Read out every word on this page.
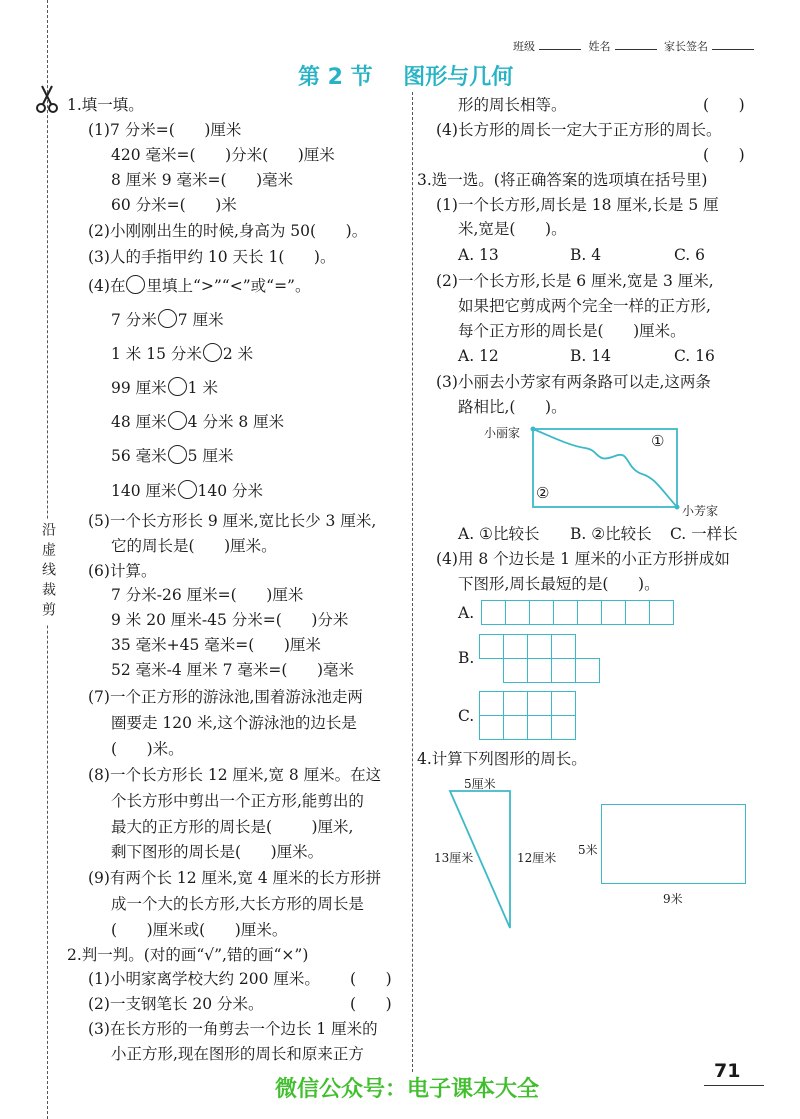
沿虚线裁剪
班级	姓名	家长签名
第 2 节    图形与几何
1.填一填。
(1)7 分米=(      )厘米
420 毫米=(      )分米(      )厘米
8 厘米 9 毫米=(      )毫米
60 分米=(      )米
(2)小刚刚出生的时候,身高为 50(      )。
(3)人的手指甲约 10 天长 1(      )。
(4)在 里填上“>”“<”或“=”。
7 分米 7 厘米
1 米 15 分米 2 米
99 厘米 1 米
48 厘米 4 分米 8 厘米
56 毫米 5 厘米
140 厘米 140 分米
(5)一个长方形长 9 厘米,宽比长少 3 厘米,
它的周长是(      )厘米。
(6)计算。
7 分米-26 厘米=(      )厘米
9 米 20 厘米-45 分米=(      )分米
35 毫米+45 毫米=(      )厘米
52 毫米-4 厘米 7 毫米=(      )毫米
(7)一个正方形的游泳池,围着游泳池走两
圈要走 120 米,这个游泳池的边长是
(      )米。
(8)一个长方形长 12 厘米,宽 8 厘米。在这
个长方形中剪出一个正方形,能剪出的
最大的正方形的周长是(        )厘米,
剩下图形的周长是(      )厘米。
(9)有两个长 12 厘米,宽 4 厘米的长方形拼
成一个大的长方形,大长方形的周长是
(      )厘米或(      )厘米。
2.判一判。(对的画“√”,错的画“×”)
(1)小明家离学校大约 200 厘米。 (      )
(2)一支钢笔长 20 分米。	(      )
(3)在长方形的一角剪去一个边长 1 厘米的
小正方形,现在图形的周长和原来正方
形的周长相等。	(      )
(4)长方形的周长一定大于正方形的周长。
(      )
3.选一选。(将正确答案的选项填在括号里)
(1)一个长方形,周长是 18 厘米,长是 5 厘
米,宽是(      )。
A. 13	B. 4	C. 6
(2)一个长方形,长是 6 厘米,宽是 3 厘米,
如果把它剪成两个完全一样的正方形,
每个正方形的周长是(      )厘米。
A. 12	B. 14	C. 16
(3)小丽去小芳家有两条路可以走,这两条
路相比,(      )。
小丽家
小芳家
①
②
A. ①比较长 B. ②比较长 C. 一样长
(4)用 8 个边长是 1 厘米的小正方形拼成如
下图形,周长最短的是(      )。
A.
B.
C.
4.计算下列图形的周长。
5厘米
13厘米	12厘米
5米
9米
71
微信公众号：电子课本大全
